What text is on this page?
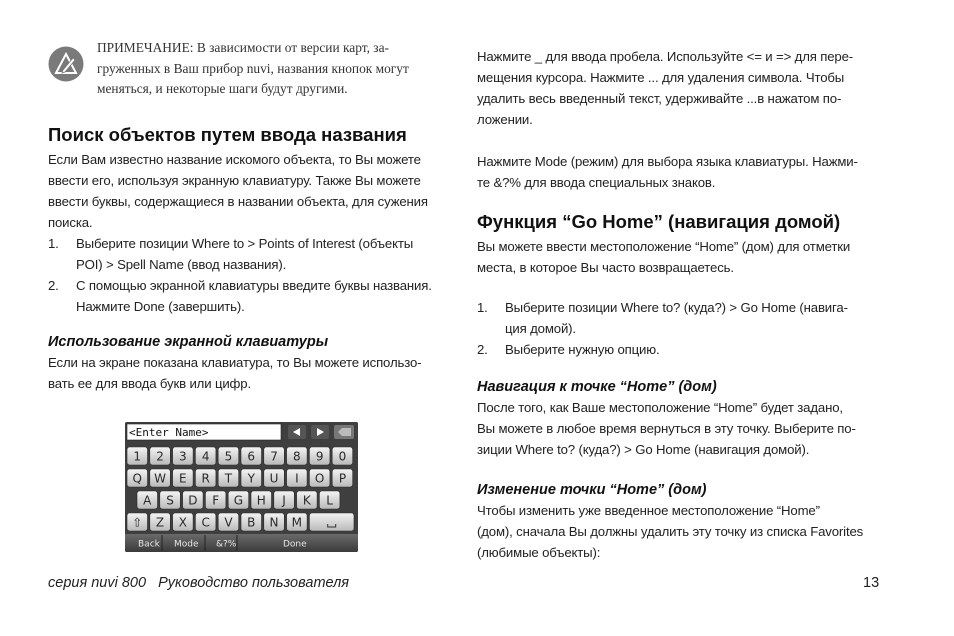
ПРИМЕЧАНИЕ: В зависимости от версии карт, за-
груженных в Ваш прибор nuvi, названия кнопок могут
меняться, и некоторые шаги будут другими.
Поиск объектов путем ввода названия

Если Вам известно название искомого объекта, то Вы можете

ввести его, используя экранную клавиатуру. Также Вы можете

ввести буквы, содержащиеся в названии объекта, для сужения

поиска.

1. Выберите позиции Where to > Points of Interest (объекты
POI) > Spell Name (ввод названия).
2. С помощью экранной клавиатуры введите буквы названия.
Нажмите Done (завершить).
Использование экранной клавиатуры

Если на экране показана клавиатура, то Вы можете использо-

вать ее для ввода букв или цифр.

<Enter Name>
1 2 3 4 5 6 7 8 9 0
Q W E R T Y U I O P
A S D F G H J K L
⇧ Z X C V B N M
Back Mode &?%	Done

Нажмите _ для ввода пробела. Используйте <= и => для пере-

мещения курсора. Нажмите ... для удаления символа. Чтобы

удалить весь введенный текст, удерживайте ...в нажатом по-

ложении.

Нажмите Mode (режим) для выбора языка клавиатуры. Нажми-

те &?% для ввода специальных знаков.

Функция “Go Home” (навигация домой)

Вы можете ввести местоположение “Home” (дом) для отметки

места, в которое Вы часто возвращаетесь.

1. Выберите позиции Where to? (куда?) > Go Home (навига-
ция домой).
2. Выберите нужную опцию.
Навигация к точке “Home” (дом)

После того, как Ваше местоположение “Home” будет задано,

Вы можете в любое время вернуться в эту точку. Выберите по-

зиции Where to? (куда?) > Go Home (навигация домой).

Изменение точки “Home” (дом)

Чтобы изменить уже введенное местоположение “Home”

(дом), сначала Вы должны удалить эту точку из списка Favorites

(любимые объекты):

серия nuvi 800   Руководство пользователя	13
